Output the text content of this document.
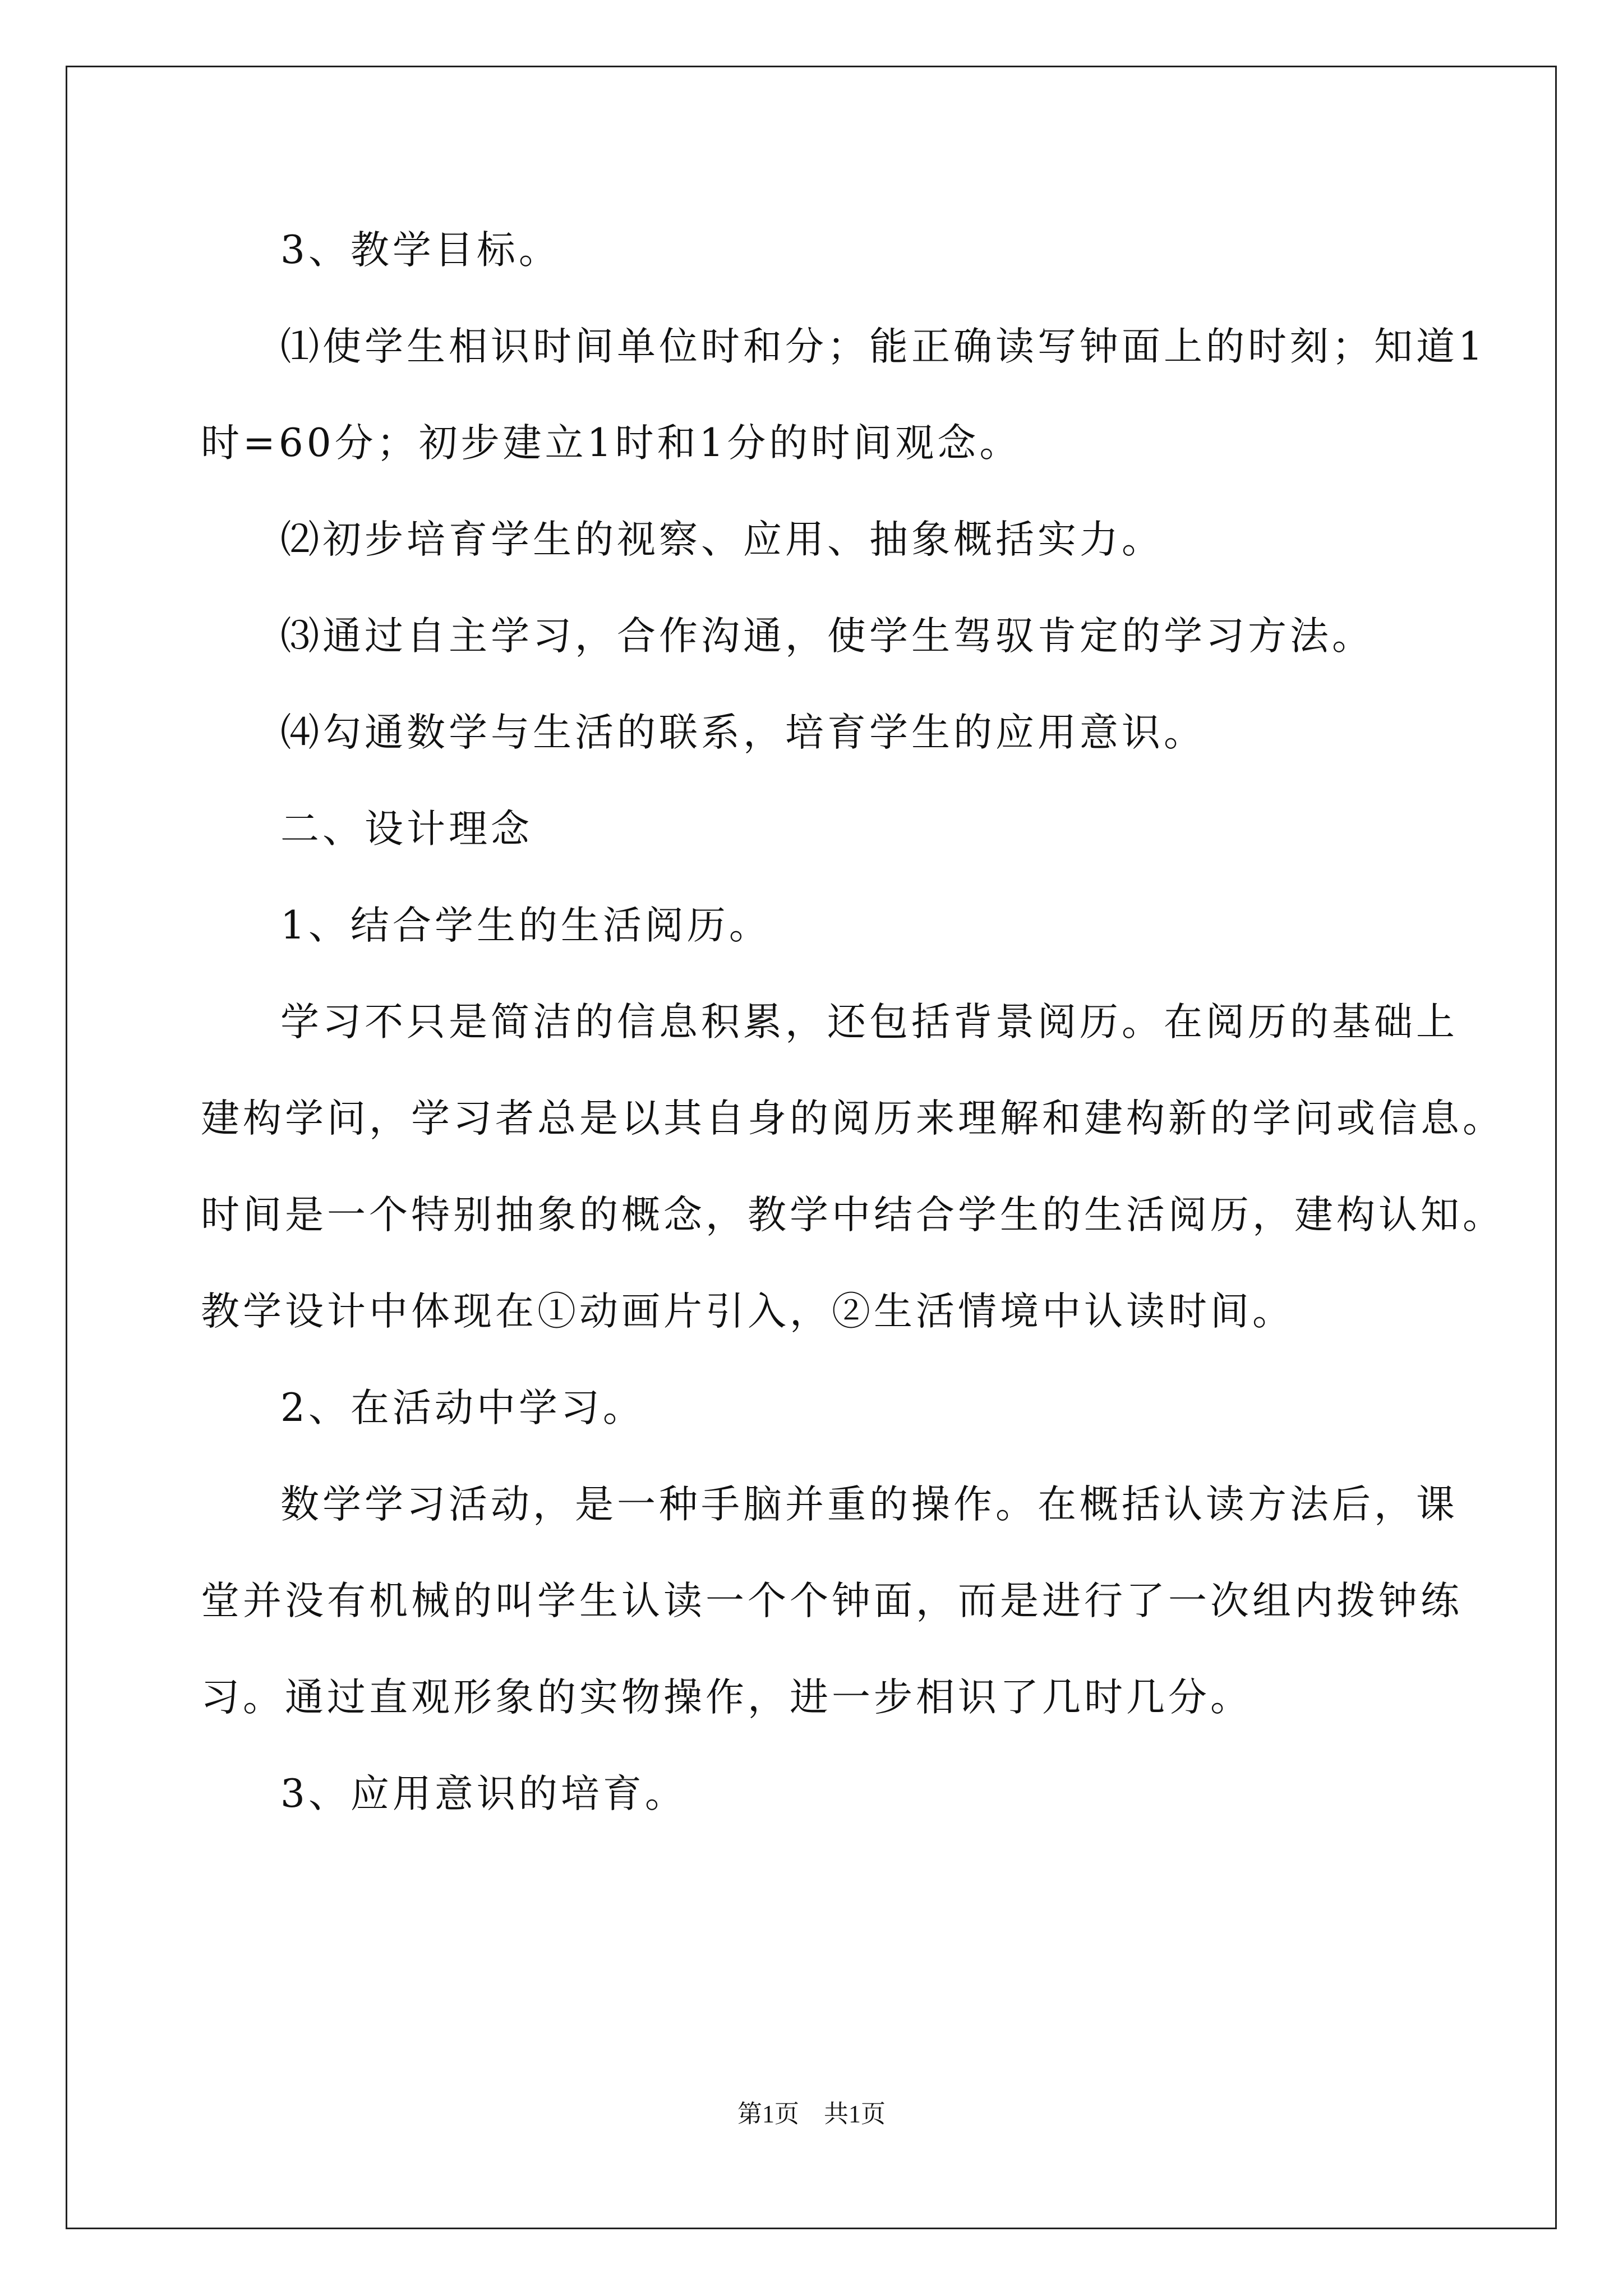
3、教学目标。
⑴使学生相识时间单位时和分；能正确读写钟面上的时刻；知道1
时=60分；初步建立1时和1分的时间观念。
⑵初步培育学生的视察、应用、抽象概括实力。
⑶通过自主学习，合作沟通，使学生驾驭肯定的学习方法。
⑷勾通数学与生活的联系，培育学生的应用意识。
二、设计理念
1、结合学生的生活阅历。
学习不只是简洁的信息积累，还包括背景阅历。在阅历的基础上
建构学问，学习者总是以其自身的阅历来理解和建构新的学问或信息。
时间是一个特别抽象的概念，教学中结合学生的生活阅历，建构认知。
教学设计中体现在①动画片引入，②生活情境中认读时间。
2、在活动中学习。
数学学习活动，是一种手脑并重的操作。在概括认读方法后，课
堂并没有机械的叫学生认读一个个钟面，而是进行了一次组内拨钟练
习。通过直观形象的实物操作，进一步相识了几时几分。
3、应用意识的培育。
第1页　共1页
